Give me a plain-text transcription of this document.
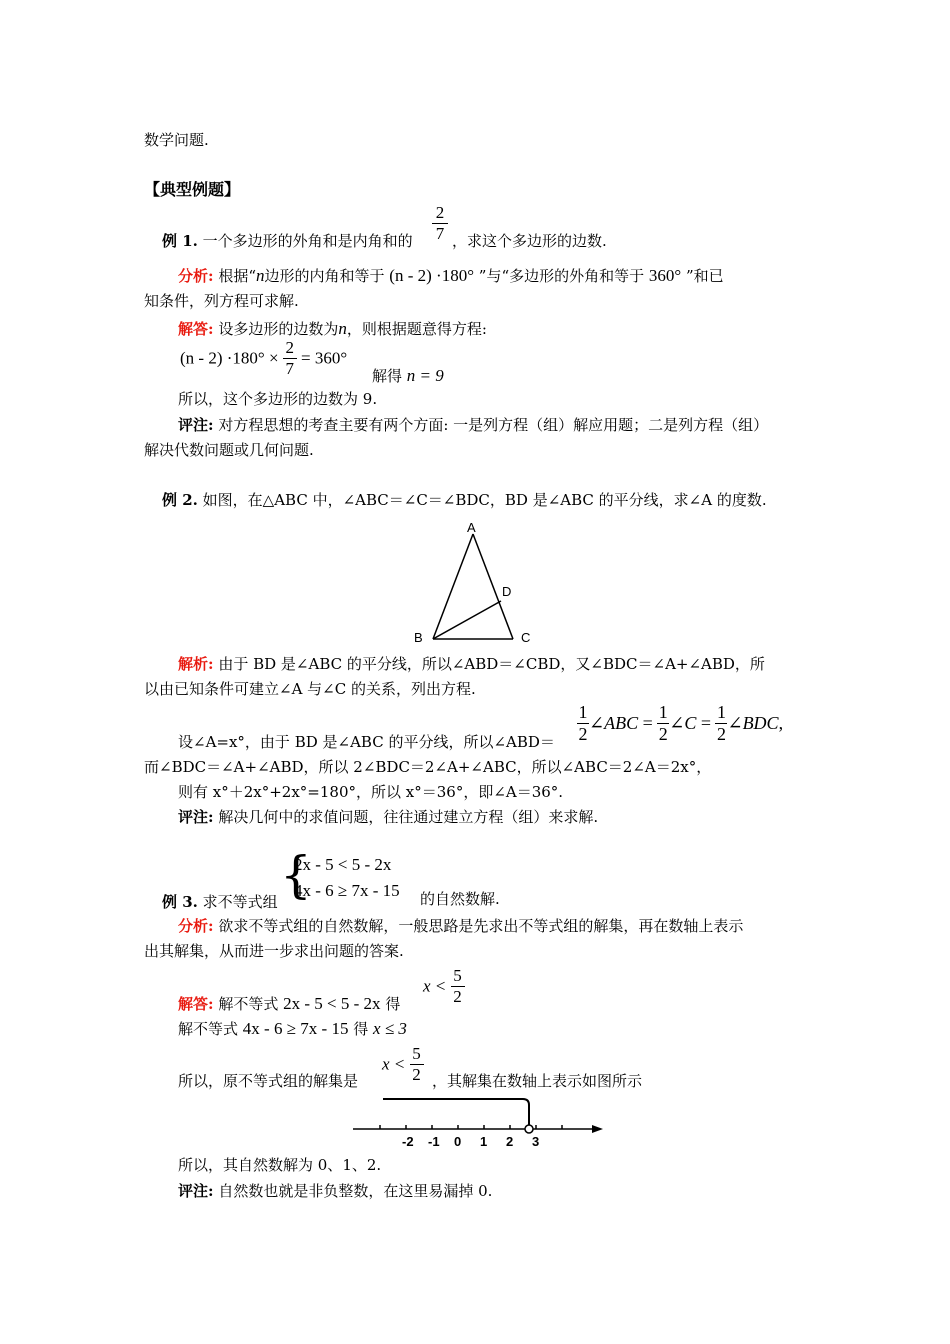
数学问题.
【典型例题】
例 1. 一个多边形的外角和是内角和的 $\frac{2}{7}$ ，求这个多边形的边数.
分析: 根据“n边形的内角和等于 (n - 2) ·180° ”与“多边形的外角和等于 360° ”和已
知条件，列方程可求解.
解答: 设多边形的边数为n，则根据题意得方程:
$(n - 2) \cdot 180^\circ \times \frac{2}{7} = 360^\circ$
解得 n = 9
所以，这个多边形的边数为 9.
评注: 对方程思想的考查主要有两个方面: 一是列方程（组）解应用题；二是列方程（组）
解决代数问题或几何问题.
例 2. 如图，在△ABC 中，∠ABC＝∠C＝∠BDC，BD 是∠ABC 的平分线，求∠A 的度数.
A
B	C
D
解析: 由于 BD 是∠ABC 的平分线，所以∠ABD＝∠CBD，又∠BDC＝∠A+∠ABD，所
以由已知条件可建立∠A 与∠C 的关系，列出方程.
设∠A=x°，由于 BD 是∠ABC 的平分线，所以∠ABD＝ $\frac{1}{2}$ ∠ABC = $\frac{1}{2}$ ∠C = $\frac{1}{2}$ ∠BDC,
而∠BDC＝∠A+∠ABD，所以 2∠BDC＝2∠A+∠ABC，所以∠ABC＝2∠A＝2x°，
则有 x°＋2x°+2x°=180°，所以 x°＝36°，即∠A＝36°.
评注: 解决几何中的求值问题，往往通过建立方程（组）来求解.
例 3. 求不等式组 {
2x - 5 < 5 - 2x
4x - 6 ≥ 7x - 15 的自然数解.
分析: 欲求不等式组的自然数解，一般思路是先求出不等式组的解集，再在数轴上表示
出其解集，从而进一步求出问题的答案.
解答: 解不等式 2x - 5 < 5 - 2x 得
$x < \frac{5}{2}$
解不等式 4x - 6 ≥ 7x - 15 得 x ≤ 3
所以，原不等式组的解集是
$x < \frac{5}{2}$ ，其解集在数轴上表示如图所示
-2 -1 0 1 2 3
所以，其自然数解为 0、1、2.
评注: 自然数也就是非负整数，在这里易漏掉 0.
